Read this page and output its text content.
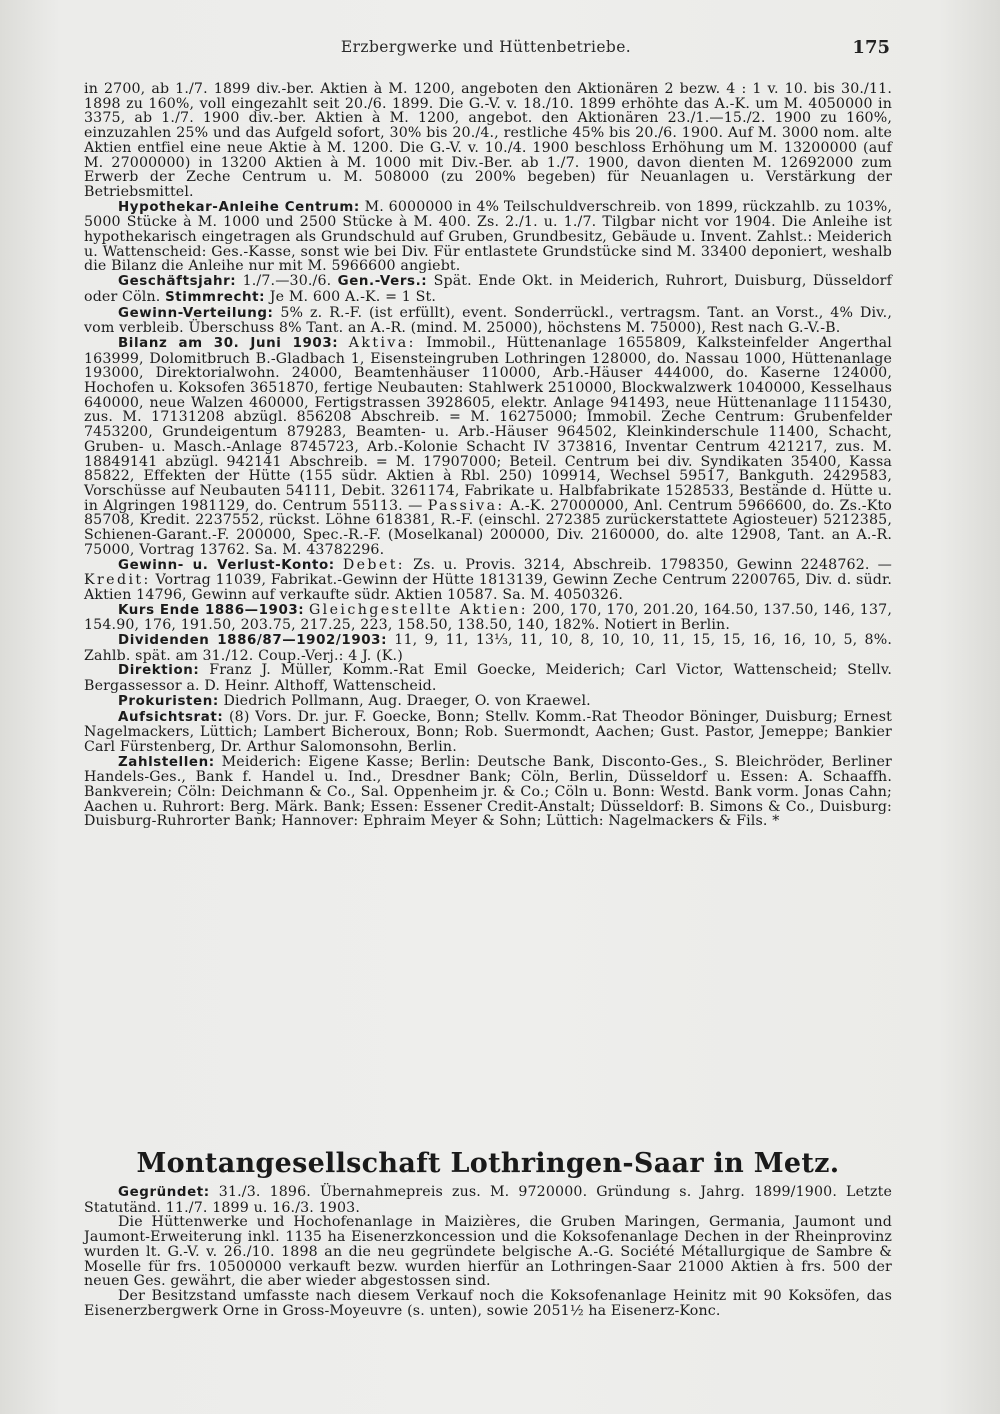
Erzbergwerke und Hüttenbetriebe.	175

in 2700, ab 1./7. 1899 div.-ber. Aktien à M. 1200, angeboten den Aktionären 2 bezw. 4 : 1 v. 10. bis 30./11. 1898 zu 160%, voll eingezahlt seit 20./6. 1899. Die G.-V. v. 18./10. 1899 erhöhte das A.-K. um M. 4050000 in 3375, ab 1./7. 1900 div.-ber. Aktien à M. 1200, angebot. den Aktionären 23./1.—15./2. 1900 zu 160%, einzuzahlen 25% und das Aufgeld sofort, 30% bis 20./4., restliche 45% bis 20./6. 1900. Auf M. 3000 nom. alte Aktien entfiel eine neue Aktie à M. 1200. Die G.-V. v. 10./4. 1900 beschloss Erhöhung um M. 13200000 (auf M. 27000000) in 13200 Aktien à M. 1000 mit Div.-Ber. ab 1./7. 1900, davon dienten M. 12692000 zum Erwerb der Zeche Centrum u. M. 508000 (zu 200% begeben) für Neuanlagen u. Verstärkung der Betriebsmittel.

Hypothekar-Anleihe Centrum: M. 6000000 in 4% Teilschuldverschreib. von 1899, rückzahlb. zu 103%, 5000 Stücke à M. 1000 und 2500 Stücke à M. 400. Zs. 2./1. u. 1./7. Tilgbar nicht vor 1904. Die Anleihe ist hypothekarisch eingetragen als Grundschuld auf Gruben, Grundbesitz, Gebäude u. Invent. Zahlst.: Meiderich u. Wattenscheid: Ges.-Kasse, sonst wie bei Div. Für entlastete Grundstücke sind M. 33400 deponiert, weshalb die Bilanz die Anleihe nur mit M. 5966600 angiebt.

Geschäftsjahr: 1./7.—30./6. Gen.-Vers.: Spät. Ende Okt. in Meiderich, Ruhrort, Duisburg, Düsseldorf oder Cöln. Stimmrecht: Je M. 600 A.-K. = 1 St.

Gewinn-Verteilung: 5% z. R.-F. (ist erfüllt), event. Sonderrückl., vertragsm. Tant. an Vorst., 4% Div., vom verbleib. Überschuss 8% Tant. an A.-R. (mind. M. 25000), höchstens M. 75000), Rest nach G.-V.-B.

Bilanz am 30. Juni 1903: Aktiva: Immobil., Hüttenanlage 1655809, Kalksteinfelder Angerthal 163999, Dolomitbruch B.-Gladbach 1, Eisensteingruben Lothringen 128000, do. Nassau 1000, Hüttenanlage 193000, Direktorialwohn. 24000, Beamtenhäuser 110000, Arb.-Häuser 444000, do. Kaserne 124000, Hochofen u. Koksofen 3651870, fertige Neubauten: Stahlwerk 2510000, Blockwalzwerk 1040000, Kesselhaus 640000, neue Walzen 460000, Fertigstrassen 3928605, elektr. Anlage 941493, neue Hüttenanlage 1115430, zus. M. 17131208 abzügl. 856208 Abschreib. = M. 16275000; Immobil. Zeche Centrum: Grubenfelder 7453200, Grundeigentum 879283, Beamten- u. Arb.-Häuser 964502, Kleinkinderschule 11400, Schacht, Gruben- u. Masch.-Anlage 8745723, Arb.-Kolonie Schacht IV 373816, Inventar Centrum 421217, zus. M. 18849141 abzügl. 942141 Abschreib. = M. 17907000; Beteil. Centrum bei div. Syndikaten 35400, Kassa 85822, Effekten der Hütte (155 südr. Aktien à Rbl. 250) 109914, Wechsel 59517, Bankguth. 2429583, Vorschüsse auf Neubauten 54111, Debit. 3261174, Fabrikate u. Halbfabrikate 1528533, Bestände d. Hütte u. in Algringen 1981129, do. Centrum 55113. — Passiva: A.-K. 27000000, Anl. Centrum 5966600, do. Zs.-Kto 85708, Kredit. 2237552, rückst. Löhne 618381, R.-F. (einschl. 272385 zurückerstattete Agiosteuer) 5212385, Schienen-Garant.-F. 200000, Spec.-R.-F. (Moselkanal) 200000, Div. 2160000, do. alte 12908, Tant. an A.-R. 75000, Vortrag 13762. Sa. M. 43782296.

Gewinn- u. Verlust-Konto: Debet: Zs. u. Provis. 3214, Abschreib. 1798350, Gewinn 2248762. — Kredit: Vortrag 11039, Fabrikat.-Gewinn der Hütte 1813139, Gewinn Zeche Centrum 2200765, Div. d. südr. Aktien 14796, Gewinn auf verkaufte südr. Aktien 10587. Sa. M. 4050326.

Kurs Ende 1886—1903: Gleichgestellte Aktien: 200, 170, 170, 201.20, 164.50, 137.50, 146, 137, 154.90, 176, 191.50, 203.75, 217.25, 223, 158.50, 138.50, 140, 182%. Notiert in Berlin.

Dividenden 1886/87—1902/1903: 11, 9, 11, 13⅓, 11, 10, 8, 10, 10, 11, 15, 15, 16, 16, 10, 5, 8%. Zahlb. spät. am 31./12. Coup.-Verj.: 4 J. (K.)

Direktion: Franz J. Müller, Komm.-Rat Emil Goecke, Meiderich; Carl Victor, Wattenscheid; Stellv. Bergassessor a. D. Heinr. Althoff, Wattenscheid.

Prokuristen: Diedrich Pollmann, Aug. Draeger, O. von Kraewel.

Aufsichtsrat: (8) Vors. Dr. jur. F. Goecke, Bonn; Stellv. Komm.-Rat Theodor Böninger, Duisburg; Ernest Nagelmackers, Lüttich; Lambert Bicheroux, Bonn; Rob. Suermondt, Aachen; Gust. Pastor, Jemeppe; Bankier Carl Fürstenberg, Dr. Arthur Salomonsohn, Berlin.

Zahlstellen: Meiderich: Eigene Kasse; Berlin: Deutsche Bank, Disconto-Ges., S. Bleichröder, Berliner Handels-Ges., Bank f. Handel u. Ind., Dresdner Bank; Cöln, Berlin, Düsseldorf u. Essen: A. Schaaffh. Bankverein; Cöln: Deichmann & Co., Sal. Oppenheim jr. & Co.; Cöln u. Bonn: Westd. Bank vorm. Jonas Cahn; Aachen u. Ruhrort: Berg. Märk. Bank; Essen: Essener Credit-Anstalt; Düsseldorf: B. Simons & Co., Duisburg: Duisburg-Ruhrorter Bank; Hannover: Ephraim Meyer & Sohn; Lüttich: Nagelmackers & Fils. *

Montangesellschaft Lothringen-Saar in Metz.

Gegründet: 31./3. 1896. Übernahmepreis zus. M. 9720000. Gründung s. Jahrg. 1899/1900. Letzte Statutänd. 11./7. 1899 u. 16./3. 1903.

Die Hüttenwerke und Hochofenanlage in Maizières, die Gruben Maringen, Germania, Jaumont und Jaumont-Erweiterung inkl. 1135 ha Eisenerzkoncession und die Koksofenanlage Dechen in der Rheinprovinz wurden lt. G.-V. v. 26./10. 1898 an die neu gegründete belgische A.-G. Société Métallurgique de Sambre & Moselle für frs. 10500000 verkauft bezw. wurden hierfür an Lothringen-Saar 21000 Aktien à frs. 500 der neuen Ges. gewährt, die aber wieder abgestossen sind.

Der Besitzstand umfasste nach diesem Verkauf noch die Koksofenanlage Heinitz mit 90 Koksöfen, das Eisenerzbergwerk Orne in Gross-Moyeuvre (s. unten), sowie 2051½ ha Eisenerz-Konc.
